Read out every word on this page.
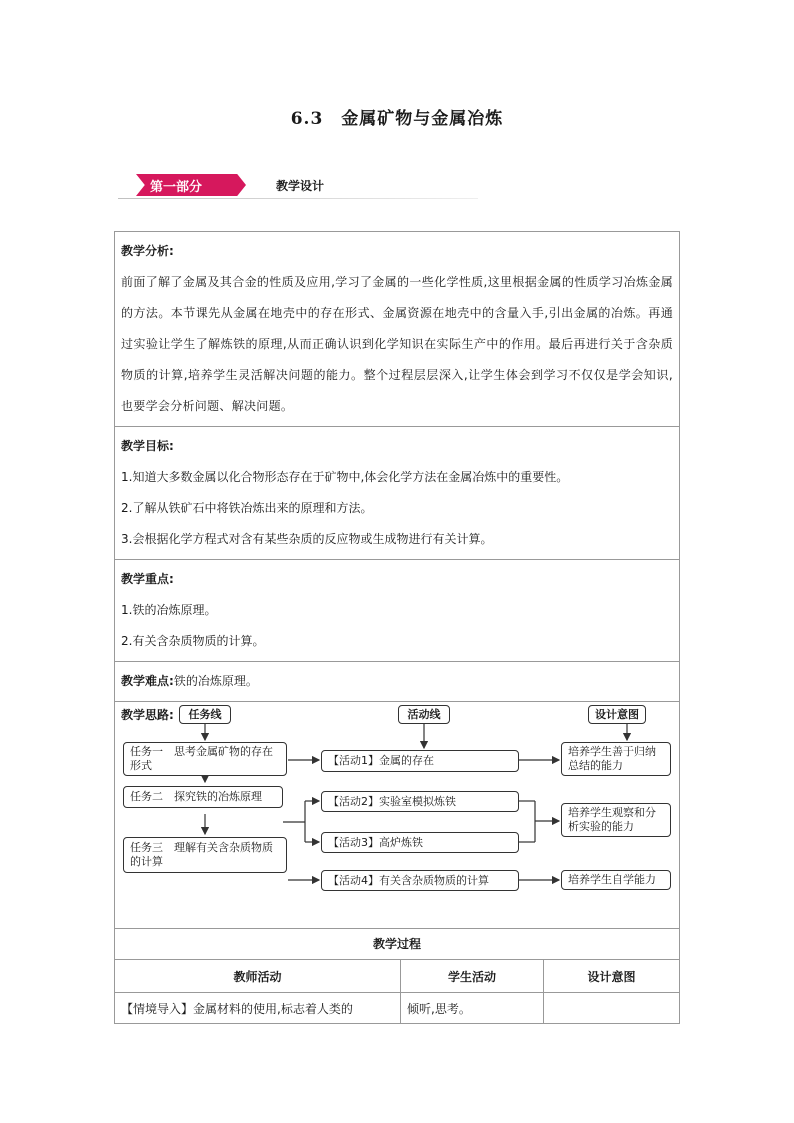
6.3　金属矿物与金属冶炼
第一部分	教学设计
教学分析:

前面了解了金属及其合金的性质及应用,学习了金属的一些化学性质,这里根据金属的性质学习冶炼金属的方法。本节课先从金属在地壳中的存在形式、金属资源在地壳中的含量入手,引出金属的冶炼。再通过实验让学生了解炼铁的原理,从而正确认识到化学知识在实际生产中的作用。最后再进行关于含杂质物质的计算,培养学生灵活解决问题的能力。整个过程层层深入,让学生体会到学习不仅仅是学会知识,也要学会分析问题、解决问题。

教学目标:

1.知道大多数金属以化合物形态存在于矿物中,体会化学方法在金属冶炼中的重要性。

2.了解从铁矿石中将铁冶炼出来的原理和方法。

3.会根据化学方程式对含有某些杂质的反应物或生成物进行有关计算。

教学重点:

1.铁的冶炼原理。

2.有关含杂质物质的计算。

教学难点:铁的冶炼原理。
教学思路:	任务线	活动线	设计意图
任务一　思考金属矿物的存在形式
任务二　探究铁的冶炼原理
任务三　理解有关含杂质物质的计算
【活动1】金属的存在
【活动2】实验室模拟炼铁
【活动3】高炉炼铁
【活动4】有关含杂质物质的计算
培养学生善于归纳总结的能力
培养学生观察和分析实验的能力
培养学生自学能力
教学过程
教师活动	学生活动	设计意图
【情境导入】金属材料的使用,标志着人类的	倾听,思考。	
